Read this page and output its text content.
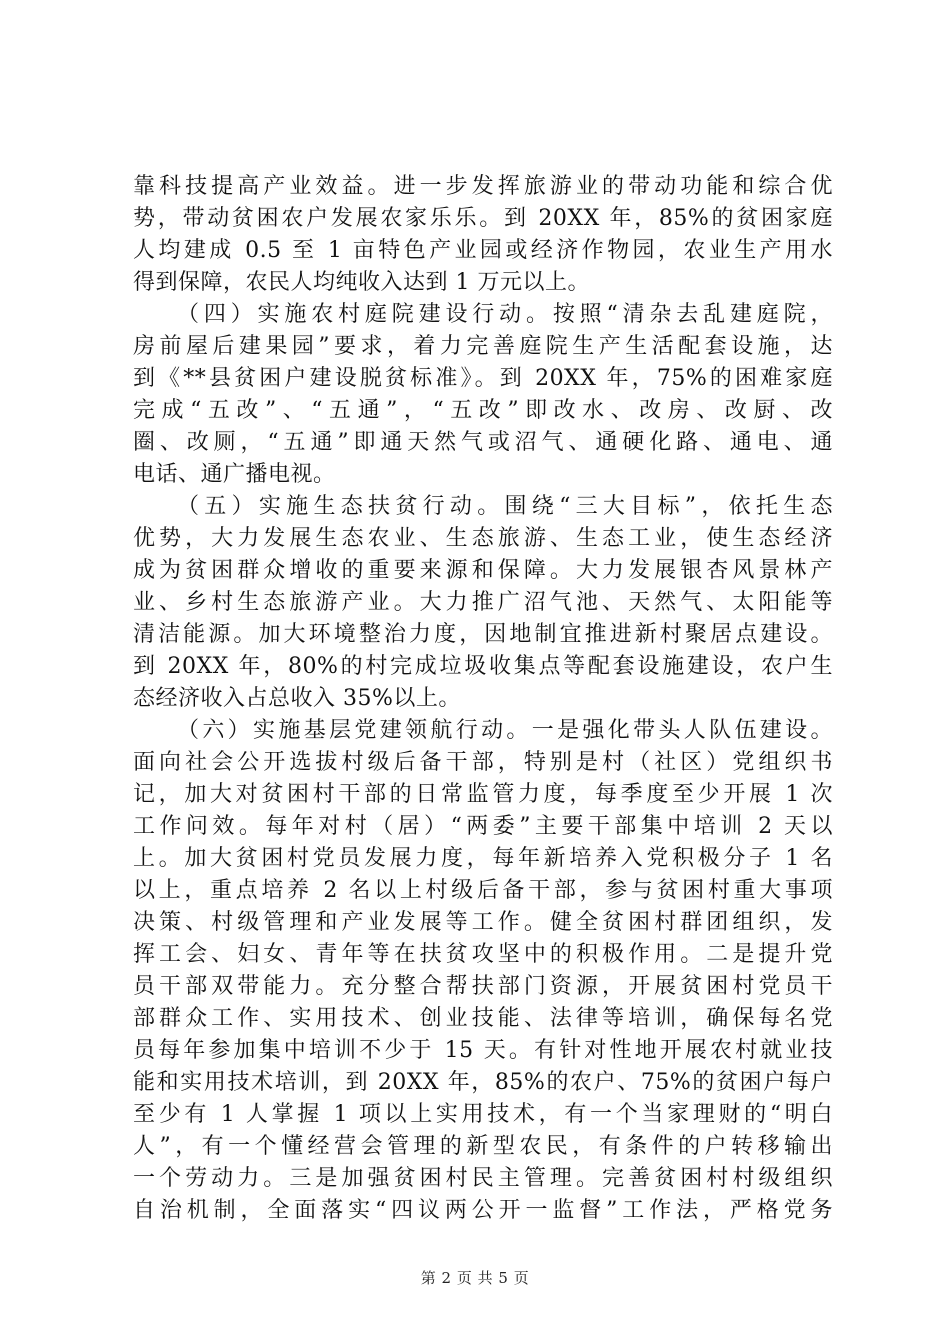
靠科技提高产业效益。进一步发挥旅游业的带动功能和综合优
势，带动贫困农户发展农家乐乐。到 20XX 年，85%的贫困家庭
人均建成 0.5 至 1 亩特色产业园或经济作物园，农业生产用水
得到保障，农民人均纯收入达到 1 万元以上。
（四）实施农村庭院建设行动。按照“清杂去乱建庭院，
房前屋后建果园”要求，着力完善庭院生产生活配套设施，达
到《**县贫困户建设脱贫标准》。到 20XX 年，75%的困难家庭
完成“五改”、“五通”，“五改”即改水、改房、改厨、改
圈、改厕，“五通”即通天然气或沼气、通硬化路、通电、通
电话、通广播电视。
（五）实施生态扶贫行动。围绕“三大目标”，依托生态
优势，大力发展生态农业、生态旅游、生态工业，使生态经济
成为贫困群众增收的重要来源和保障。大力发展银杏风景林产
业、乡村生态旅游产业。大力推广沼气池、天然气、太阳能等
清洁能源。加大环境整治力度，因地制宜推进新村聚居点建设。
到 20XX 年，80%的村完成垃圾收集点等配套设施建设，农户生
态经济收入占总收入 35%以上。
（六）实施基层党建领航行动。一是强化带头人队伍建设。
面向社会公开选拔村级后备干部，特别是村（社区）党组织书
记，加大对贫困村干部的日常监管力度，每季度至少开展 1 次
工作问效。每年对村（居）“两委”主要干部集中培训 2 天以
上。加大贫困村党员发展力度，每年新培养入党积极分子 1 名
以上，重点培养 2 名以上村级后备干部，参与贫困村重大事项
决策、村级管理和产业发展等工作。健全贫困村群团组织，发
挥工会、妇女、青年等在扶贫攻坚中的积极作用。二是提升党
员干部双带能力。充分整合帮扶部门资源，开展贫困村党员干
部群众工作、实用技术、创业技能、法律等培训，确保每名党
员每年参加集中培训不少于 15 天。有针对性地开展农村就业技
能和实用技术培训，到 20XX 年，85%的农户、75%的贫困户每户
至少有 1 人掌握 1 项以上实用技术，有一个当家理财的“明白
人”，有一个懂经营会管理的新型农民，有条件的户转移输出
一个劳动力。三是加强贫困村民主管理。完善贫困村村级组织
自治机制，全面落实“四议两公开一监督”工作法，严格党务
第 2 页 共 5 页
